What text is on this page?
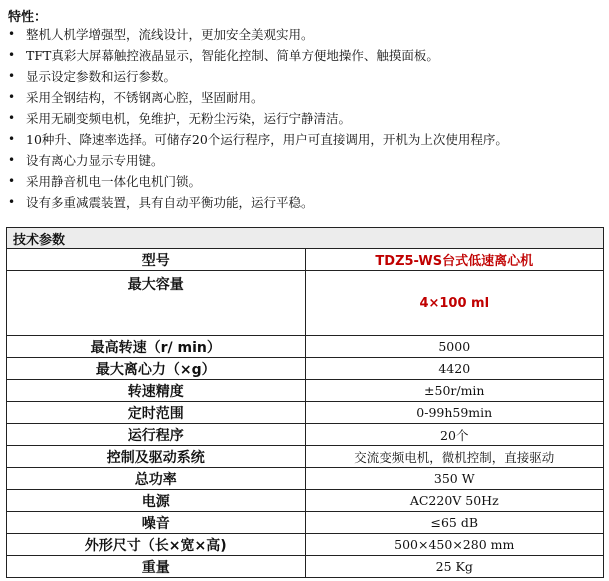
特性：
• 整机人机学增强型，流线设计，更加安全美观实用。
• TFT真彩大屏幕触控液晶显示，智能化控制、简单方便地操作、触摸面板。
• 显示设定参数和运行参数。
• 采用全钢结构，不锈钢离心腔，坚固耐用。
• 采用无刷变频电机，免维护，无粉尘污染，运行宁静清洁。
• 10种升、降速率选择。可储存20个运行程序，用户可直接调用，开机为上次使用程序。
• 设有离心力显示专用键。
• 采用静音机电一体化电机门锁。
• 设有多重减震装置，具有自动平衡功能，运行平稳。
技术参数	
型号	TDZ5-WS台式低速离心机
最大容量	4×100 ml
最高转速（r/ min）	5000
最大离心力（×g）	4420
转速精度	±50r/min
定时范围	0-99h59min
运行程序	20个
控制及驱动系统	交流变频电机，微机控制，直接驱动
总功率	350 W
电源	AC220V 50Hz
噪音	≤65 dB
外形尺寸（长×宽×高)	500×450×280 mm
重量	25 Kg
